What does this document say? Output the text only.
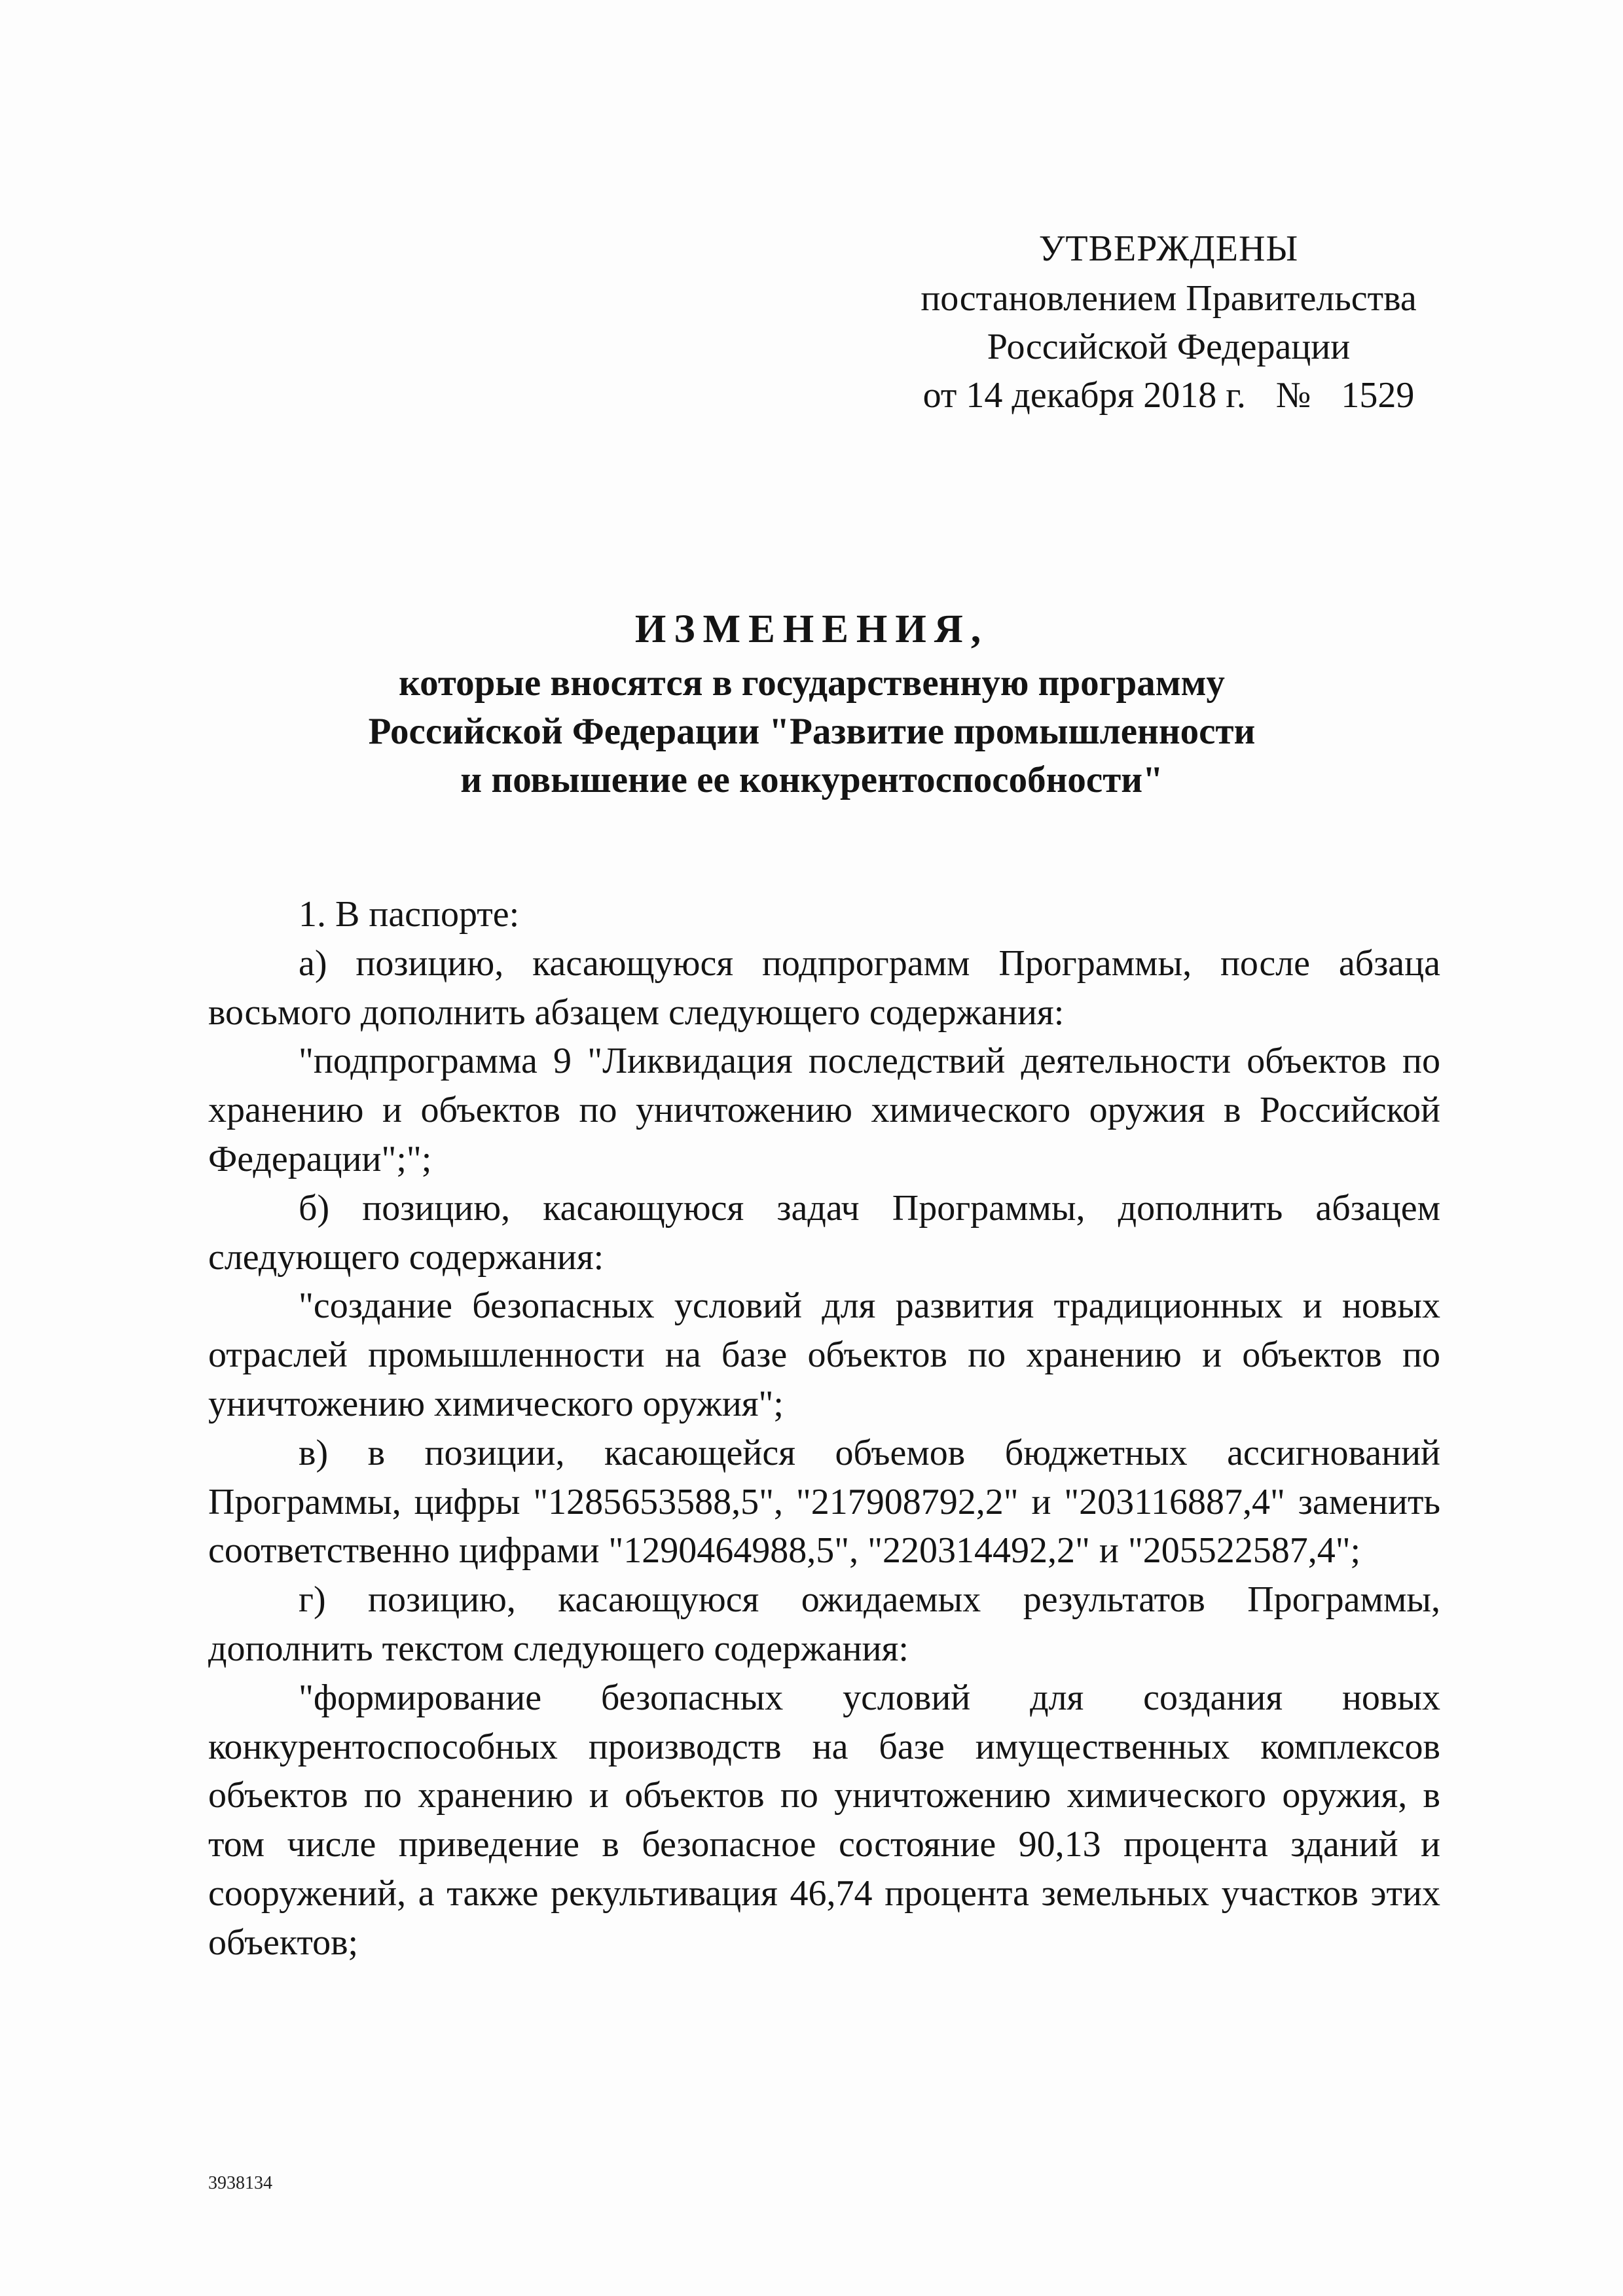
УТВЕРЖДЕНЫ
постановлением Правительства
Российской Федерации
от 14 декабря 2018 г. № 1529
ИЗМЕНЕНИЯ,
которые вносятся в государственную программу
Российской Федерации "Развитие промышленности
и повышение ее конкурентоспособности"

1. В паспорте:

а) позицию, касающуюся подпрограмм Программы, после абзаца восьмого дополнить абзацем следующего содержания:

"подпрограмма 9 "Ликвидация последствий деятельности объектов по хранению и объектов по уничтожению химического оружия в Российской Федерации";";

б) позицию, касающуюся задач Программы, дополнить абзацем следующего содержания:

"создание безопасных условий для развития традиционных и новых отраслей промышленности на базе объектов по хранению и объектов по уничтожению химического оружия";

в) в позиции, касающейся объемов бюджетных ассигнований Программы, цифры "1285653588,5", "217908792,2" и "203116887,4" заменить соответственно цифрами "1290464988,5", "220314492,2" и "205522587,4";

г) позицию, касающуюся ожидаемых результатов Программы, дополнить текстом следующего содержания:

"формирование безопасных условий для создания новых конкурентоспособных производств на базе имущественных комплексов объектов по хранению и объектов по уничтожению химического оружия, в том числе приведение в безопасное состояние 90,13 процента зданий и сооружений, а также рекультивация 46,74 процента земельных участков этих объектов;

3938134
